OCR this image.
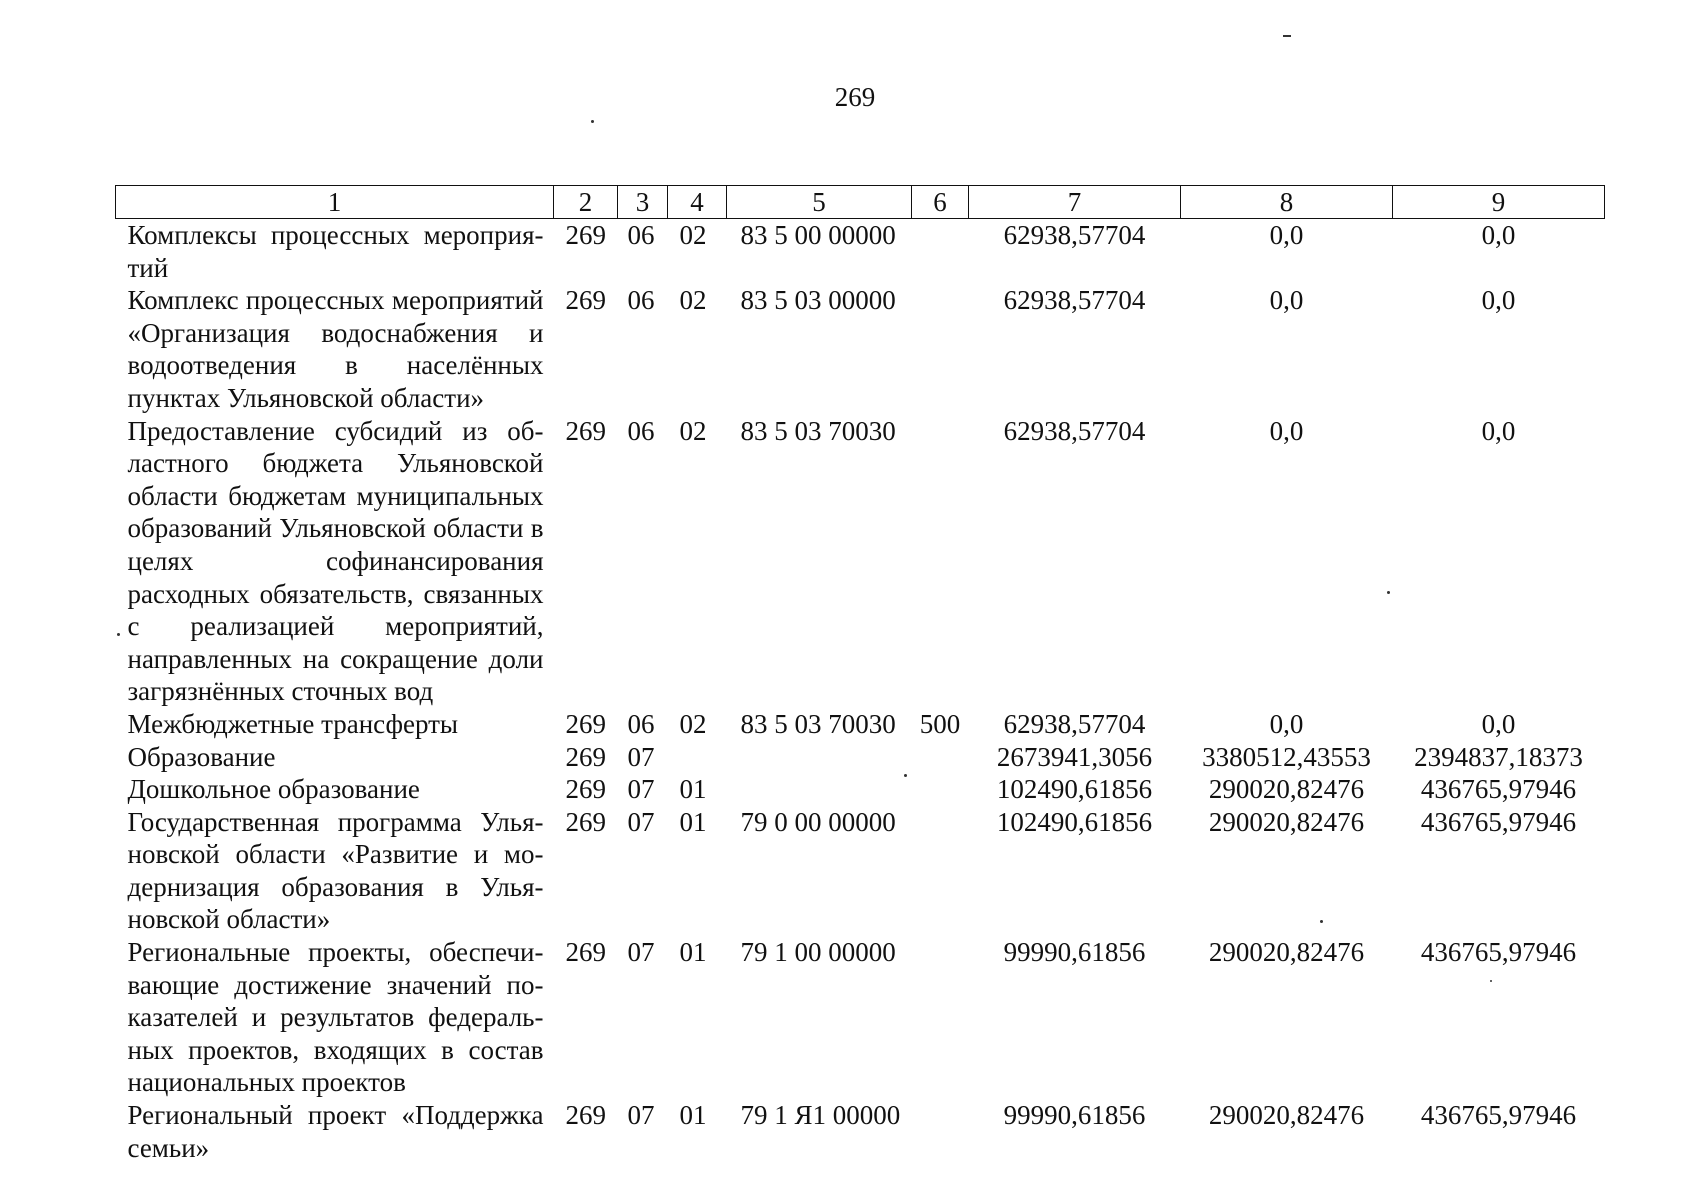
269
1	2	3	4	5	6	7	8	9
Комплексы процессных мероприятий	269	06	02	83 5 00 00000		62938,57704	0,0	0,0
Комплекс процессных мероприятий «Организация водоснабжения и водоотведения в населённых пунктах Ульяновской области»	269	06	02	83 5 03 00000		62938,57704	0,0	0,0
Предоставление субсидий из областного бюджета Ульяновской области бюджетам муниципальных образований Ульяновской области в целях софинансирования расходных обязательств, связанных с реализацией мероприятий, направленных на сокращение доли загрязнённых сточных вод	269	06	02	83 5 03 70030		62938,57704	0,0	0,0
Межбюджетные трансферты	269	06	02	83 5 03 70030	500	62938,57704	0,0	0,0
Образование	269	07				2673941,3056	3380512,43553	2394837,18373
Дошкольное образование	269	07	01			102490,61856	290020,82476	436765,97946
Государственная программа Ульяновской области «Развитие и модернизация образования в Ульяновской области»	269	07	01	79 0 00 00000		102490,61856	290020,82476	436765,97946
Региональные проекты, обеспечивающие достижение значений показателей и результатов федеральных проектов, входящих в состав национальных проектов	269	07	01	79 1 00 00000		99990,61856	290020,82476	436765,97946
Региональный проект «Поддержка семьи»	269	07	01	79 1 Я1 00000		99990,61856	290020,82476	436765,97946
